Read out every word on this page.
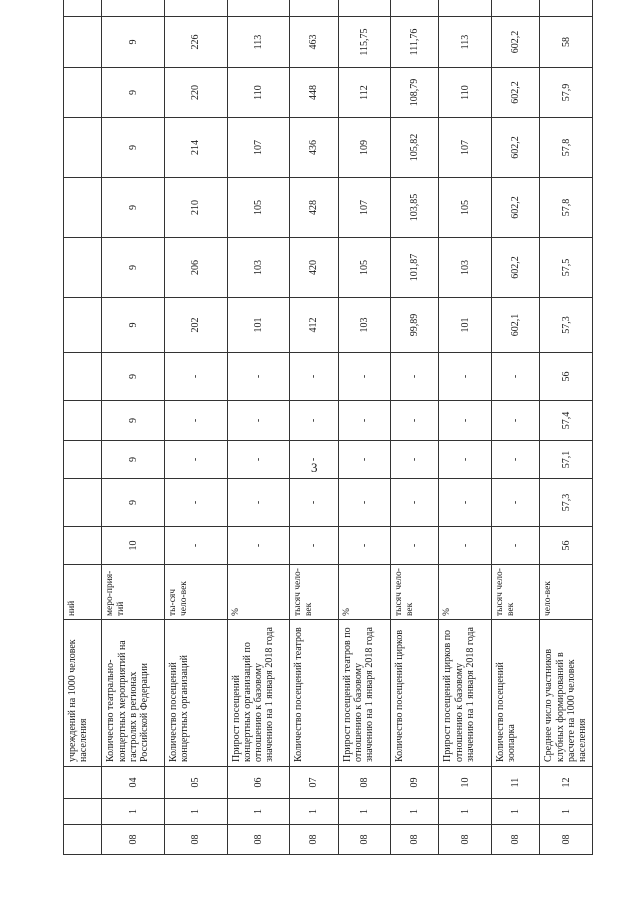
3
			учреждений на 1000 человек населения	ний												
08	1	04	Количество театрально-концертных мероприятий на гастролях в регионах Российской Федерации	меро-прия-тий	10	9	9	9	9	9	9	9	9	9	9	
08	1	05	Количество посещений концертных организаций	ты-сяч чело-век	-	-	-	-	-	202	206	210	214	220	226	
08	1	06	Прирост посещений концертных организаций по отношению к базовому значению на 1 января 2018 года	%	-	-	-	-	-	101	103	105	107	110	113	
08	1	07	Количество посещений театров	тысяч чело-век	-	-	-	-	-	412	420	428	436	448	463	
08	1	08	Прирост посещений театров по отношению к базовому значению на 1 января 2018 года	%	-	-	-	-	-	103	105	107	109	112	115,75	
08	1	09	Количество посещений цирков	тысяч чело-век	-	-	-	-	-	99,89	101,87	103,85	105,82	108,79	111,76	
08	1	10	Прирост посещений цирков по отношению к базовому значению на 1 января 2018 года	%	-	-	-	-	-	101	103	105	107	110	113	
08	1	11	Количество посещений зоопарка	тысяч чело-век	-	-	-	-	-	602,1	602,2	602,2	602,2	602,2	602,2	
08	1	12	Среднее число участников клубных формирований в расчете на 1000 человек населения	чело-век	56	57,3	57,1	57,4	56	57,3	57,5	57,8	57,8	57,9	58	
